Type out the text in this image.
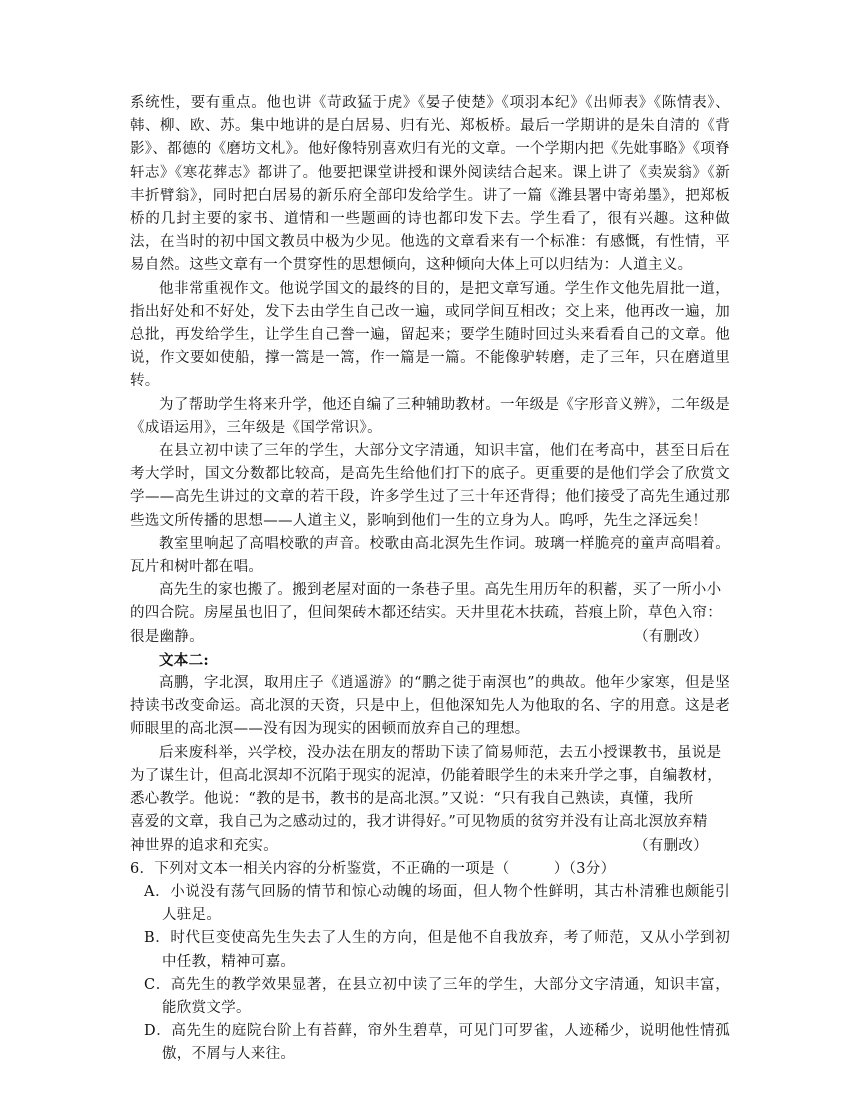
系统性，要有重点。他也讲《苛政猛于虎》《晏子使楚》《项羽本纪》《出师表》《陈情表》、韩、柳、欧、苏。集中地讲的是白居易、归有光、郑板桥。最后一学期讲的是朱自清的《背影》、都德的《磨坊文札》。他好像特别喜欢归有光的文章。一个学期内把《先妣事略》《项脊轩志》《寒花葬志》都讲了。他要把课堂讲授和课外阅读结合起来。课上讲了《卖炭翁》《新丰折臂翁》，同时把白居易的新乐府全部印发给学生。讲了一篇《潍县署中寄弟墨》，把郑板桥的几封主要的家书、道情和一些题画的诗也都印发下去。学生看了，很有兴趣。这种做法，在当时的初中国文教员中极为少见。他选的文章看来有一个标准：有感慨，有性情，平易自然。这些文章有一个贯穿性的思想倾向，这种倾向大体上可以归结为：人道主义。

他非常重视作文。他说学国文的最终的目的，是把文章写通。学生作文他先眉批一道，指出好处和不好处，发下去由学生自己改一遍，或同学间互相改；交上来，他再改一遍，加总批，再发给学生，让学生自己誊一遍，留起来；要学生随时回过头来看看自己的文章。他说，作文要如使船，撑一篙是一篙，作一篇是一篇。不能像驴转磨，走了三年，只在磨道里转。

为了帮助学生将来升学，他还自编了三种辅助教材。一年级是《字形音义辨》，二年级是《成语运用》，三年级是《国学常识》。

在县立初中读了三年的学生，大部分文字清通，知识丰富，他们在考高中，甚至日后在考大学时，国文分数都比较高，是高先生给他们打下的底子。更重要的是他们学会了欣赏文学——高先生讲过的文章的若干段，许多学生过了三十年还背得；他们接受了高先生通过那些选文所传播的思想——人道主义，影响到他们一生的立身为人。呜呼，先生之泽远矣！

教室里响起了高唱校歌的声音。校歌由高北溟先生作词。玻璃一样脆亮的童声高唱着。瓦片和树叶都在唱。

高先生的家也搬了。搬到老屋对面的一条巷子里。高先生用历年的积蓄，买了一所小小

的四合院。房屋虽也旧了，但间架砖木都还结实。天井里花木扶疏，苔痕上阶，草色入帘：

很是幽静。	（有删改）

文本二:

高鹏，字北溟，取用庄子《逍遥游》的“鹏之徙于南溟也”的典故。他年少家寒，但是坚持读书改变命运。高北溟的天资，只是中上，但他深知先人为他取的名、字的用意。这是老师眼里的高北溟——没有因为现实的困顿而放弃自己的理想。

后来废科举，兴学校，没办法在朋友的帮助下读了简易师范，去五小授课教书，虽说是

为了谋生计，但高北溟却不沉陷于现实的泥淖，仍能着眼学生的未来升学之事，自编教材，

悉心教学。他说：“教的是书，教书的是高北溟。”又说：“只有我自己熟读，真懂，我所

喜爱的文章，我自己为之感动过的，我才讲得好。”可见物质的贫穷并没有让高北溟放弃精

神世界的追求和充实。	（有删改）

6．下列对文本一相关内容的分析鉴赏，不正确的一项是（　　　）（3分）

A．小说没有荡气回肠的情节和惊心动魄的场面，但人物个性鲜明，其古朴清雅也颇能引人驻足。

B．时代巨变使高先生失去了人生的方向，但是他不自我放弃，考了师范，又从小学到初中任教，精神可嘉。

C．高先生的教学效果显著，在县立初中读了三年的学生，大部分文字清通，知识丰富，能欣赏文学。

D．高先生的庭院台阶上有苔藓，帘外生碧草，可见门可罗雀，人迹稀少，说明他性情孤傲，不屑与人来往。
